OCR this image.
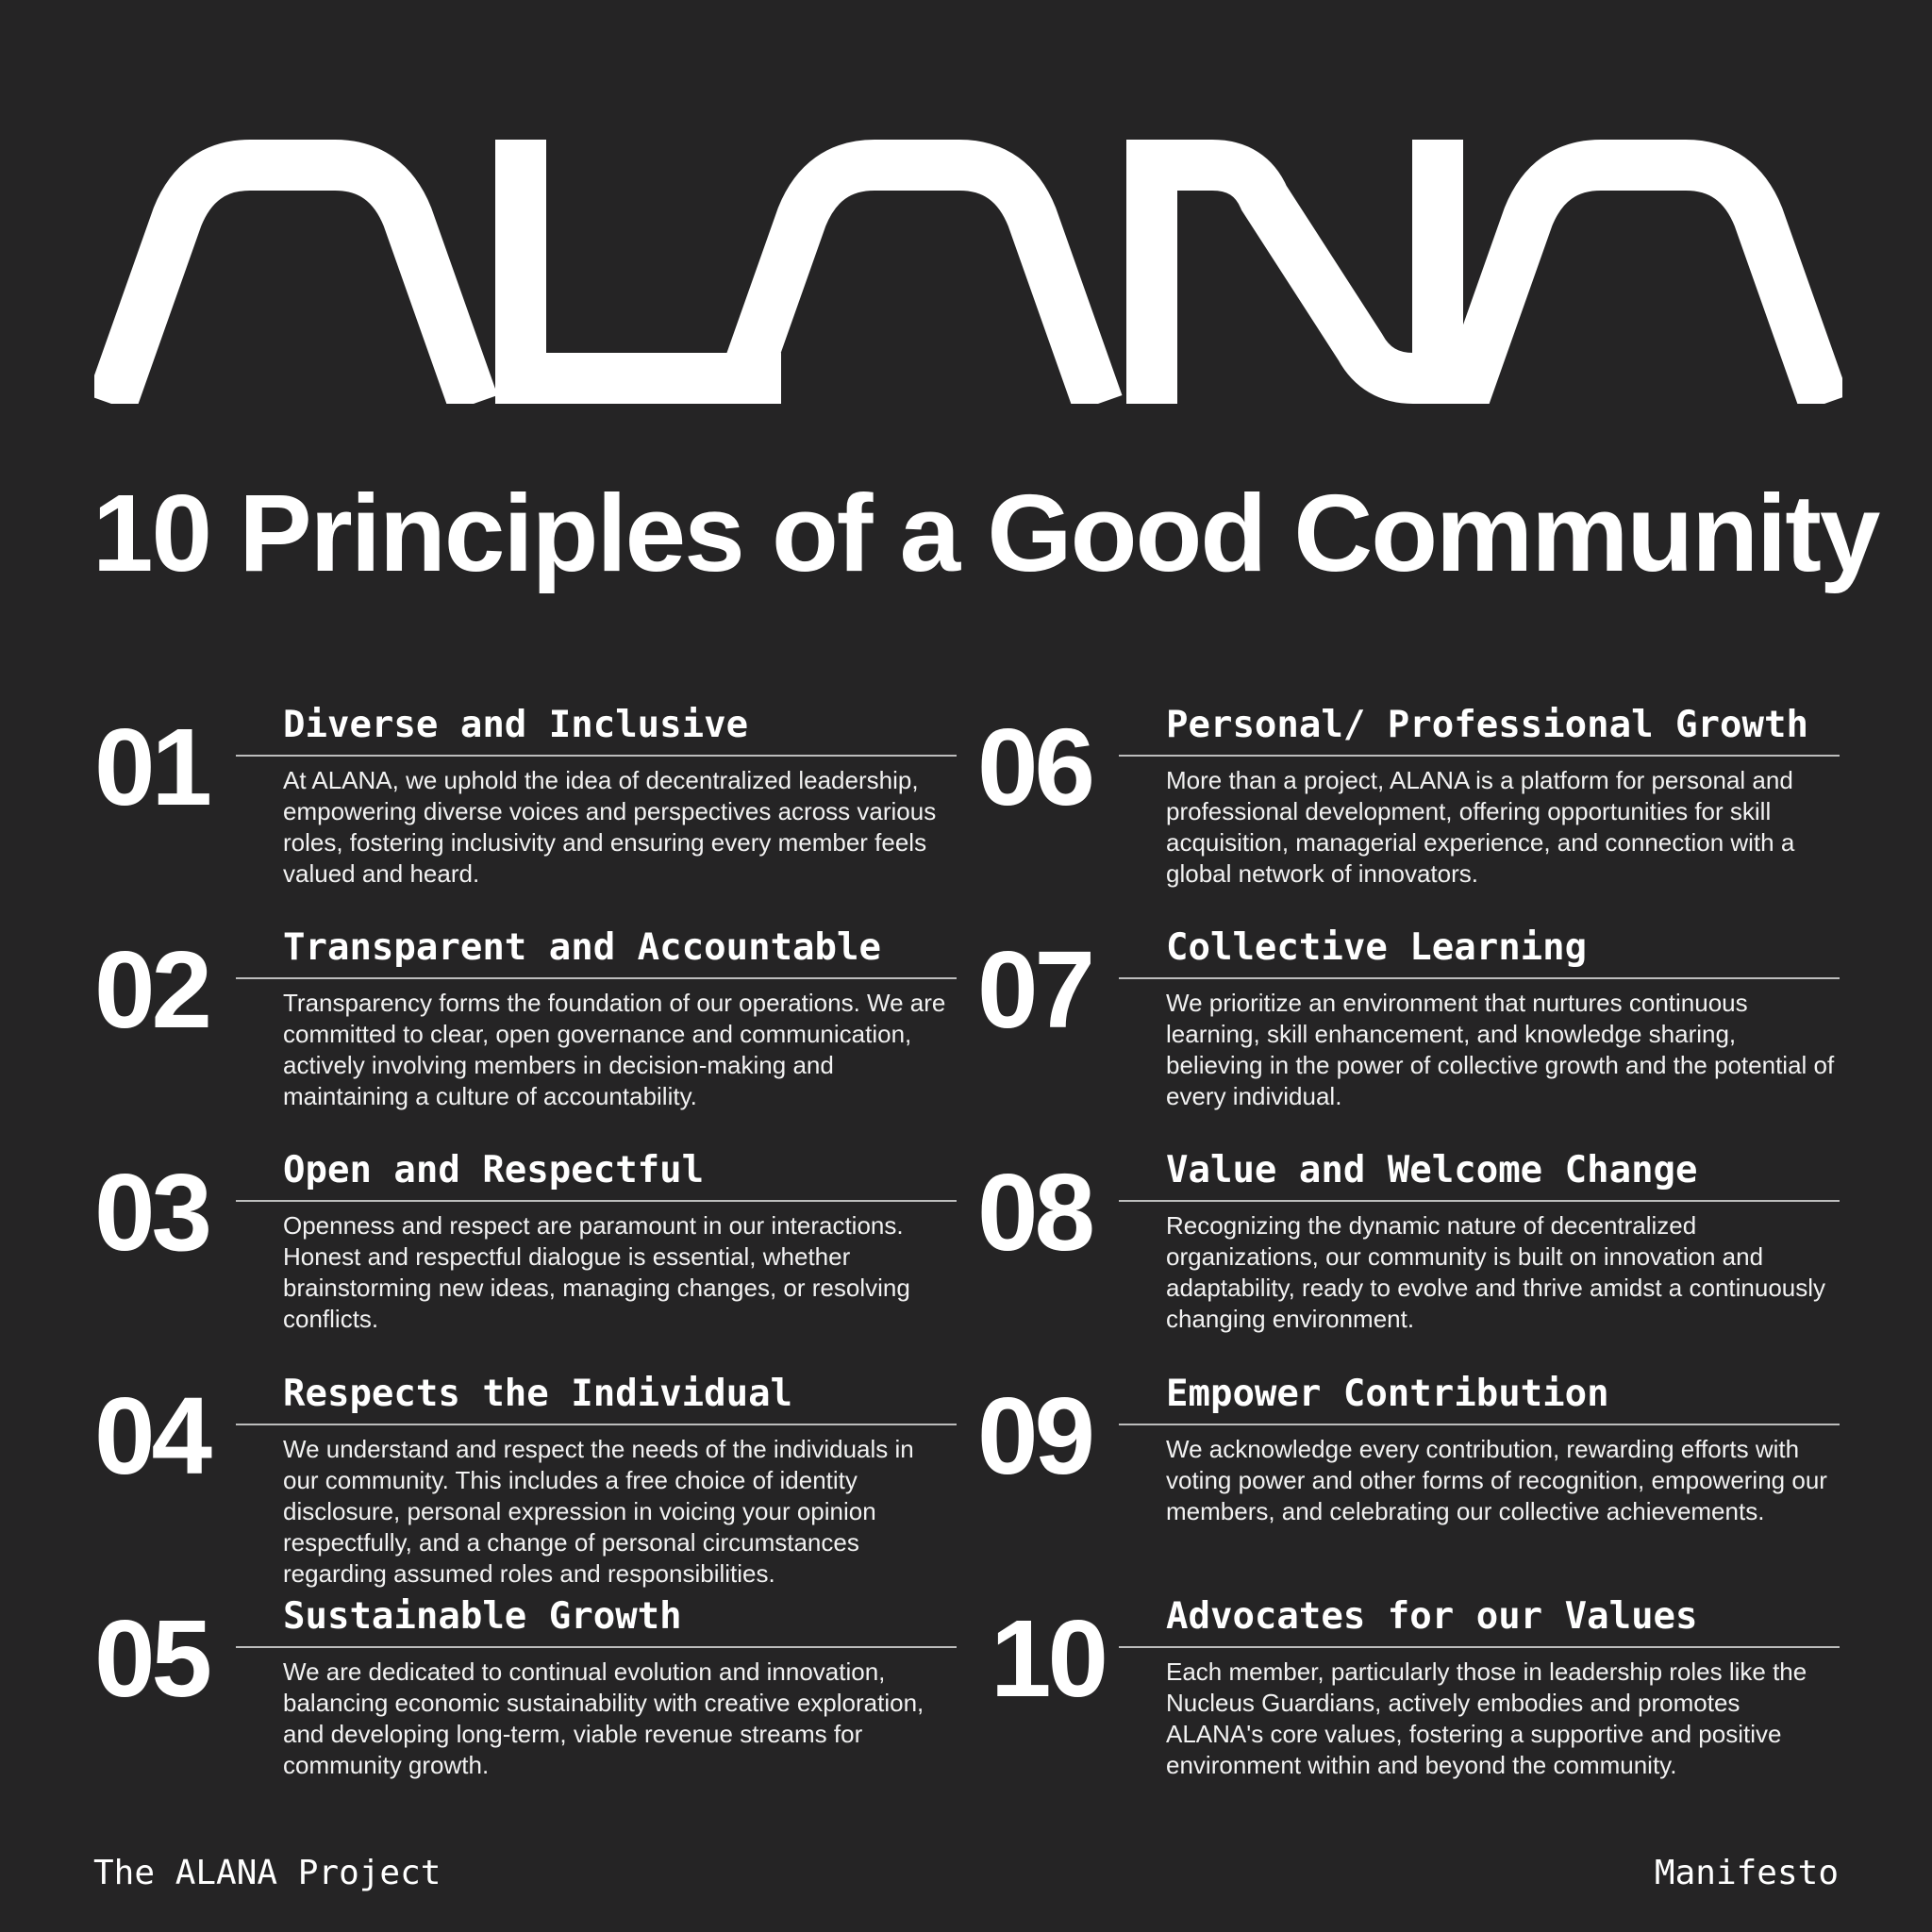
10 Principles of a Good Community
01 Diverse and Inclusive
At ALANA, we uphold the idea of decentralized leadership, empowering diverse voices and perspectives across various roles, fostering inclusivity and ensuring every member feels valued and heard.
02 Transparent and Accountable
Transparency forms the foundation of our operations. We are committed to clear, open governance and communication, actively involving members in decision-making and maintaining a culture of accountability.
03 Open and Respectful
Openness and respect are paramount in our interactions. Honest and respectful dialogue is essential, whether brainstorming new ideas, managing changes, or resolving conflicts.
04 Respects the Individual
We understand and respect the needs of the individuals in our community. This includes a free choice of identity disclosure, personal expression in voicing your opinion respectfully, and a change of personal circumstances regarding assumed roles and responsibilities.
05 Sustainable Growth
We are dedicated to continual evolution and innovation, balancing economic sustainability with creative exploration, and developing long-term, viable revenue streams for community growth.
06 Personal/ Professional Growth
More than a project, ALANA is a platform for personal and professional development, offering opportunities for skill acquisition, managerial experience, and connection with a global network of innovators.
07 Collective Learning
We prioritize an environment that nurtures continuous learning, skill enhancement, and knowledge sharing, believing in the power of collective growth and the potential of every individual.
08 Value and Welcome Change
Recognizing the dynamic nature of decentralized organizations, our community is built on innovation and adaptability, ready to evolve and thrive amidst a continuously changing environment.
09 Empower Contribution
We acknowledge every contribution, rewarding efforts with voting power and other forms of recognition, empowering our members, and celebrating our collective achievements.
10 Advocates for our Values
Each member, particularly those in leadership roles like the Nucleus Guardians, actively embodies and promotes ALANA's core values, fostering a supportive and positive environment within and beyond the community.
The ALANA Project	Manifesto
